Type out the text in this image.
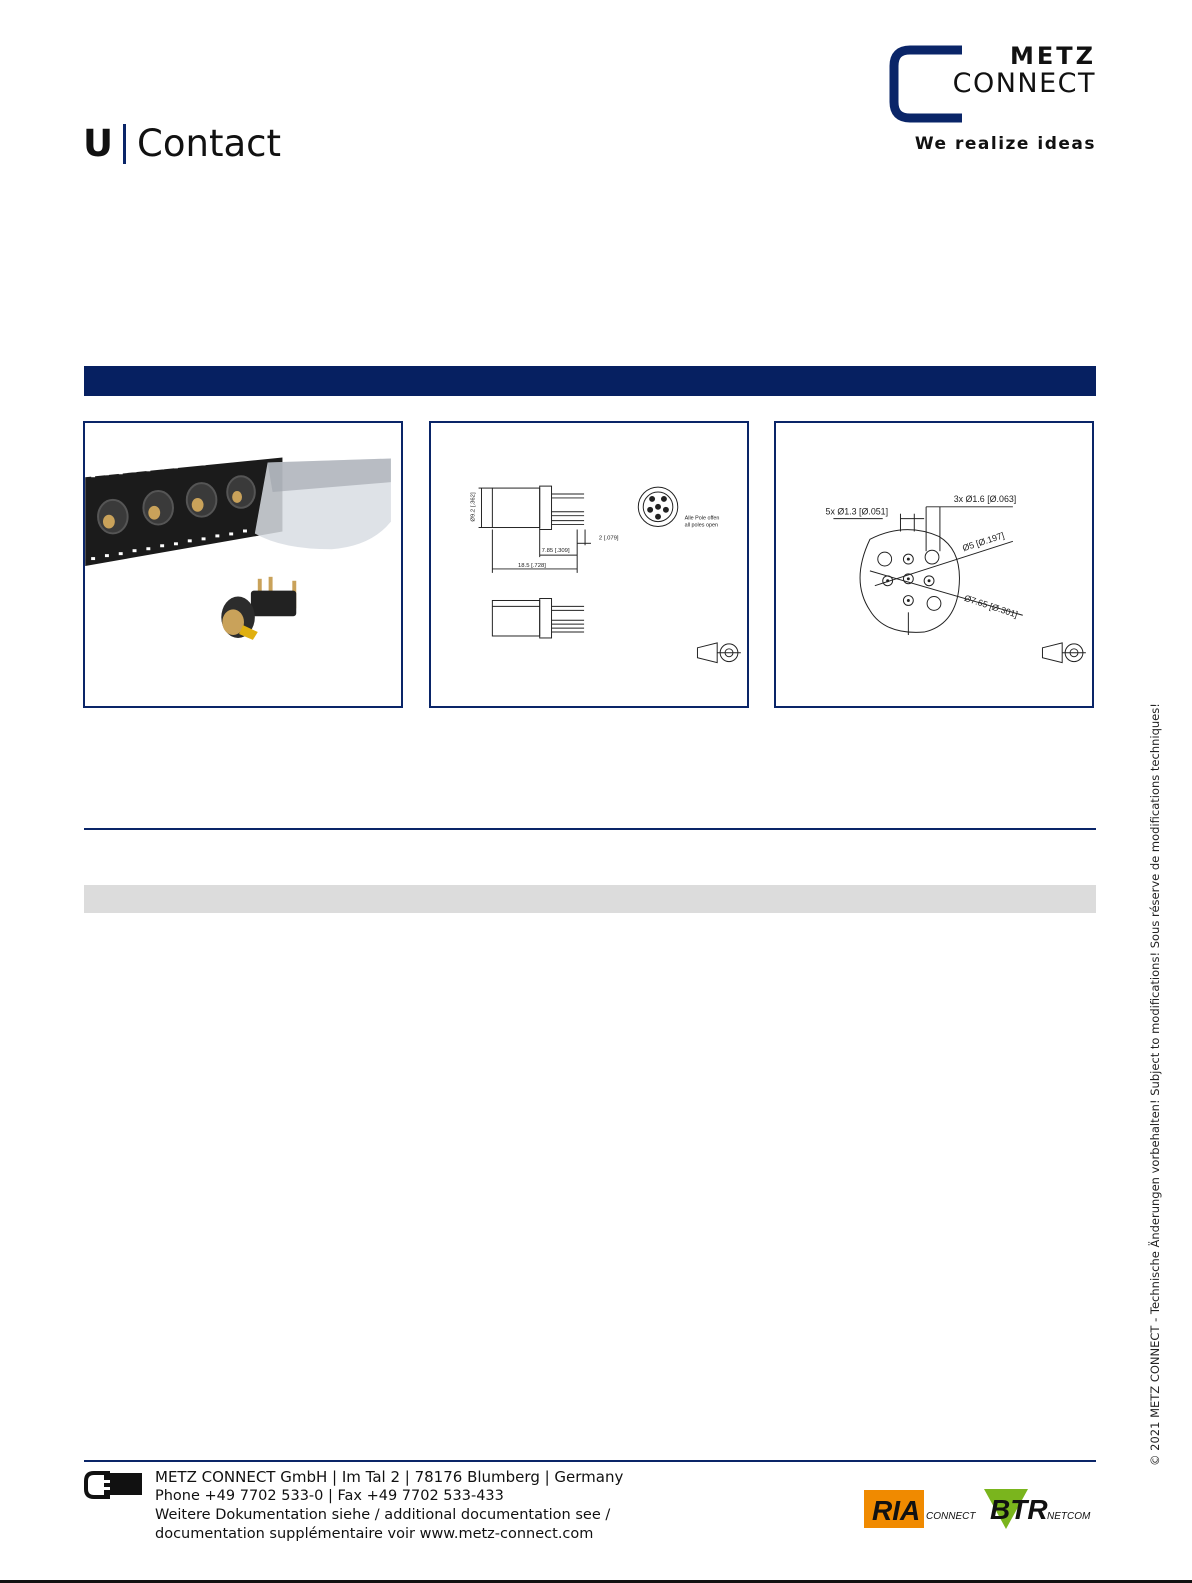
U Contact
METZ
CONNECT
We realize ideas
Ø9.2 [.362]
2 [.079]
7.85 [.309]
18.5 [.728]
Alle Pole offen
all poles open
5x Ø1.3 [Ø.051]
3x Ø1.6 [Ø.063]
Ø5 [Ø.197]
Ø7.65 [Ø.301]
© 2021 METZ CONNECT - Technische Änderungen vorbehalten! Subject to modifications! Sous réserve de modifications techniques!
METZ CONNECT GmbH | Im Tal 2 | 78176 Blumberg | Germany
Phone +49 7702 533-0 | Fax +49 7702 533-433
Weitere Dokumentation siehe / additional documentation see /
documentation supplémentaire voir www.metz-connect.com
RIA CONNECT BTR NETCOM
